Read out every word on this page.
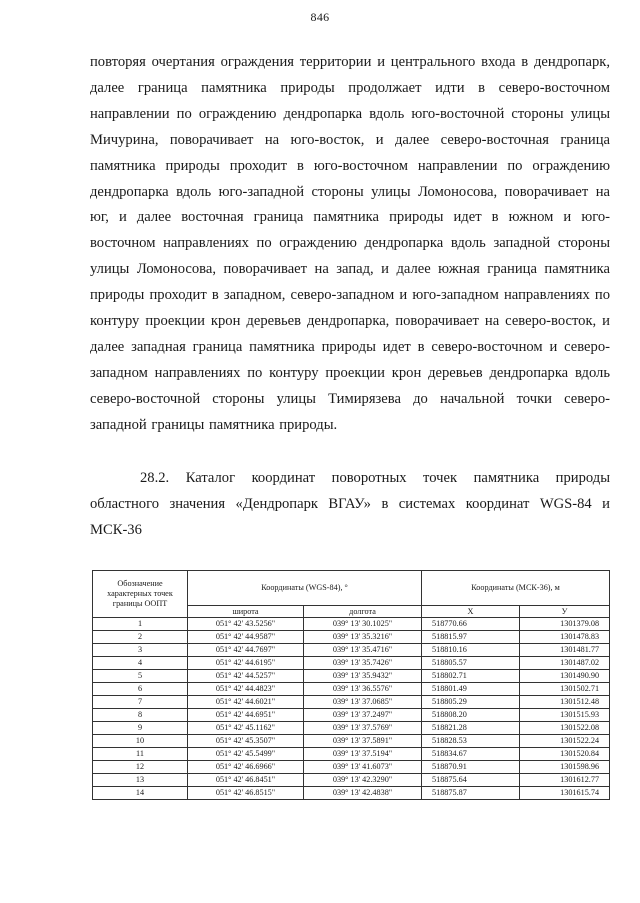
846

повторяя очертания ограждения территории и центрального входа в дендропарк, далее граница памятника природы продолжает идти в северо-восточном направлении по ограждению дендропарка вдоль юго-восточной стороны улицы Мичурина, поворачивает на юго-восток, и далее северо-восточная граница памятника природы проходит в юго-восточном направлении по ограждению дендропарка вдоль юго-западной стороны улицы Ломоносова, поворачивает на юг, и далее восточная граница памятника природы идет в южном и юго-восточном направлениях по ограждению дендропарка вдоль западной стороны улицы Ломоносова, поворачивает на запад, и далее южная граница памятника природы проходит в западном, северо-западном и юго-западном направлениях по контуру проекции крон деревьев дендропарка, поворачивает на северо-восток, и далее западная граница памятника природы идет в северо-восточном и северо-западном направлениях по контуру проекции крон деревьев дендропарка вдоль северо-восточной стороны улицы Тимирязева до начальной точки северо-западной границы памятника природы.

28.2. Каталог координат поворотных точек памятника природы областного значения «Дендропарк ВГАУ» в системах координат WGS-84 и МСК-36

Обозначение характерных точек границы ООПТ	Координаты (WGS-84), °		Координаты (МСК-36), м	
	широта	долгота	X	У
1	051° 42' 43.5256"	039° 13' 30.1025"	518770.66	1301379.08
2	051° 42' 44.9587"	039° 13' 35.3216"	518815.97	1301478.83
3	051° 42' 44.7697"	039° 13' 35.4716"	518810.16	1301481.77
4	051° 42' 44.6195"	039° 13' 35.7426"	518805.57	1301487.02
5	051° 42' 44.5257"	039° 13' 35.9432"	518802.71	1301490.90
6	051° 42' 44.4823"	039° 13' 36.5576"	518801.49	1301502.71
7	051° 42' 44.6021"	039° 13' 37.0685"	518805.29	1301512.48
8	051° 42' 44.6951"	039° 13' 37.2497"	518808.20	1301515.93
9	051° 42' 45.1162"	039° 13' 37.5769"	518821.28	1301522.08
10	051° 42' 45.3507"	039° 13' 37.5891"	518828.53	1301522.24
11	051° 42' 45.5499"	039° 13' 37.5194"	518834.67	1301520.84
12	051° 42' 46.6966"	039° 13' 41.6073"	518870.91	1301598.96
13	051° 42' 46.8451"	039° 13' 42.3290"	518875.64	1301612.77
14	051° 42' 46.8515"	039° 13' 42.4838"	518875.87	1301615.74
